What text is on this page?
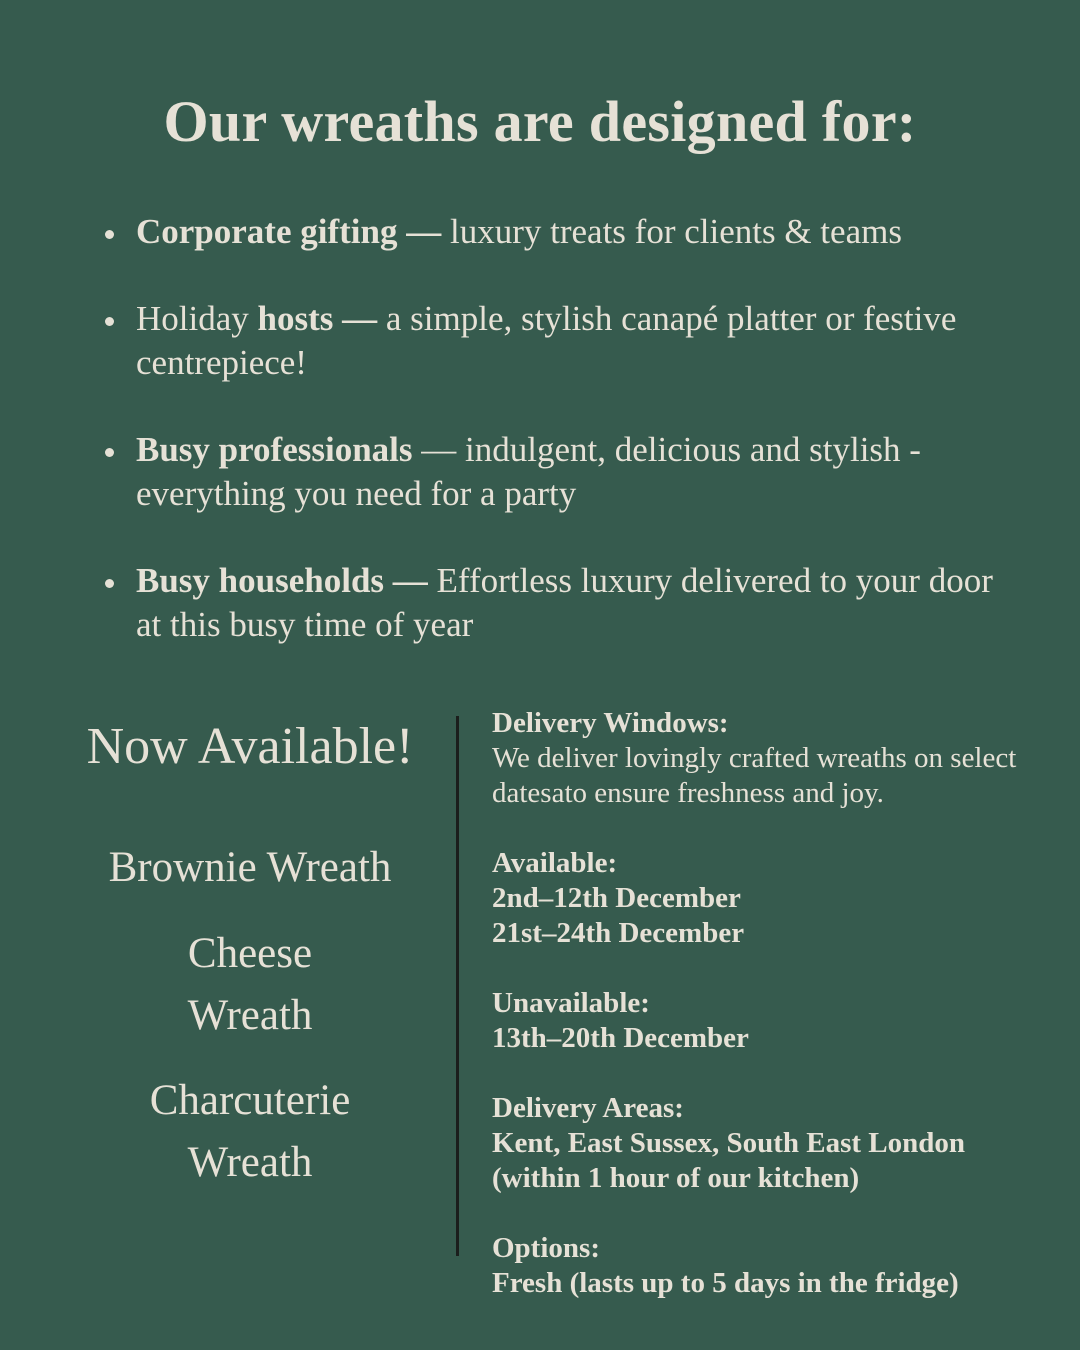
Our wreaths are designed for:
Corporate gifting — luxury treats for clients & teams
Holiday hosts — a simple, stylish canapé platter or festive centrepiece!
Busy professionals — indulgent, delicious and stylish - everything you need for a party
Busy households — Effortless luxury delivered to your door at this busy time of year
Now Available!
Brownie Wreath
Cheese Wreath
Charcuterie Wreath
Delivery Windows:
We deliver lovingly crafted wreaths on select datesato ensure freshness and joy.
Available:
2nd–12th December
21st–24th December
Unavailable:
13th–20th December
Delivery Areas:
Kent, East Sussex, South East London
(within 1 hour of our kitchen)
Options:
Fresh (lasts up to 5 days in the fridge)
